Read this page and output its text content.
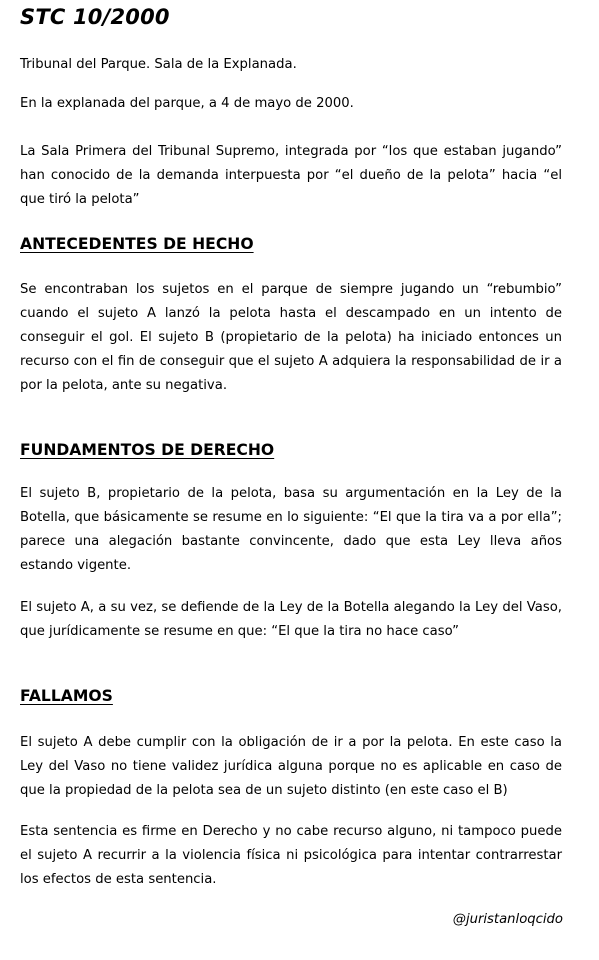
STC 10/2000

Tribunal del Parque. Sala de la Explanada.

En la explanada del parque, a 4 de mayo de 2000.

La Sala Primera del Tribunal Supremo, integrada por “los que estaban jugando” han conocido de la demanda interpuesta por “el dueño de la pelota” hacia “el que tiró la pelota”

ANTECEDENTES DE HECHO

Se encontraban los sujetos en el parque de siempre jugando un “rebumbio” cuando el sujeto A lanzó la pelota hasta el descampado en un intento de conseguir el gol. El sujeto B (propietario de la pelota) ha iniciado entonces un recurso con el fin de conseguir que el sujeto A adquiera la responsabilidad de ir a por la pelota, ante su negativa.

FUNDAMENTOS DE DERECHO

El sujeto B, propietario de la pelota, basa su argumentación en la Ley de la Botella, que básicamente se resume en lo siguiente: “El que la tira va a por ella”; parece una alegación bastante convincente, dado que esta Ley lleva años estando vigente.

El sujeto A, a su vez, se defiende de la Ley de la Botella alegando la Ley del Vaso, que jurídicamente se resume en que: “El que la tira no hace caso”

FALLAMOS

El sujeto A debe cumplir con la obligación de ir a por la pelota. En este caso la Ley del Vaso no tiene validez jurídica alguna porque no es aplicable en caso de que la propiedad de la pelota sea de un sujeto distinto (en este caso el B)

Esta sentencia es firme en Derecho y no cabe recurso alguno, ni tampoco puede el sujeto A recurrir a la violencia física ni psicológica para intentar contrarrestar los efectos de esta sentencia.

@juristanloqcido
